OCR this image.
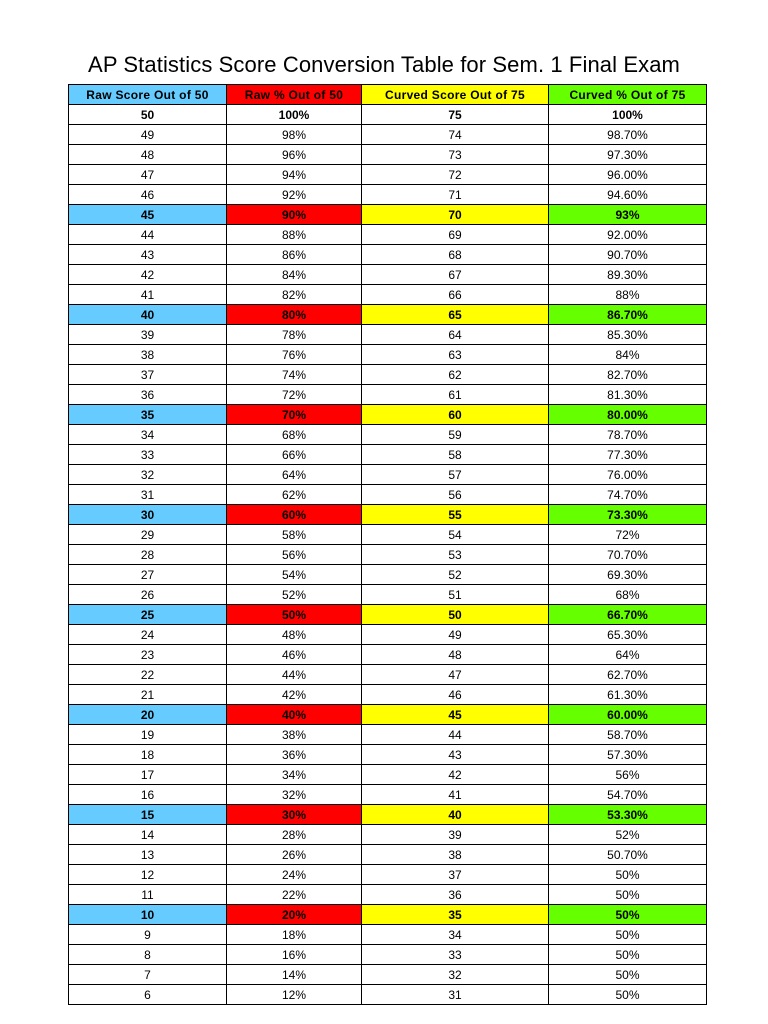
AP Statistics Score Conversion Table for Sem. 1 Final Exam
Raw Score Out of 50	Raw % Out of 50	Curved Score Out of 75	Curved % Out of 75
50	100%	75	100%
49	98%	74	98.70%
48	96%	73	97.30%
47	94%	72	96.00%
46	92%	71	94.60%
45	90%	70	93%
44	88%	69	92.00%
43	86%	68	90.70%
42	84%	67	89.30%
41	82%	66	88%
40	80%	65	86.70%
39	78%	64	85.30%
38	76%	63	84%
37	74%	62	82.70%
36	72%	61	81.30%
35	70%	60	80.00%
34	68%	59	78.70%
33	66%	58	77.30%
32	64%	57	76.00%
31	62%	56	74.70%
30	60%	55	73.30%
29	58%	54	72%
28	56%	53	70.70%
27	54%	52	69.30%
26	52%	51	68%
25	50%	50	66.70%
24	48%	49	65.30%
23	46%	48	64%
22	44%	47	62.70%
21	42%	46	61.30%
20	40%	45	60.00%
19	38%	44	58.70%
18	36%	43	57.30%
17	34%	42	56%
16	32%	41	54.70%
15	30%	40	53.30%
14	28%	39	52%
13	26%	38	50.70%
12	24%	37	50%
11	22%	36	50%
10	20%	35	50%
9	18%	34	50%
8	16%	33	50%
7	14%	32	50%
6	12%	31	50%
